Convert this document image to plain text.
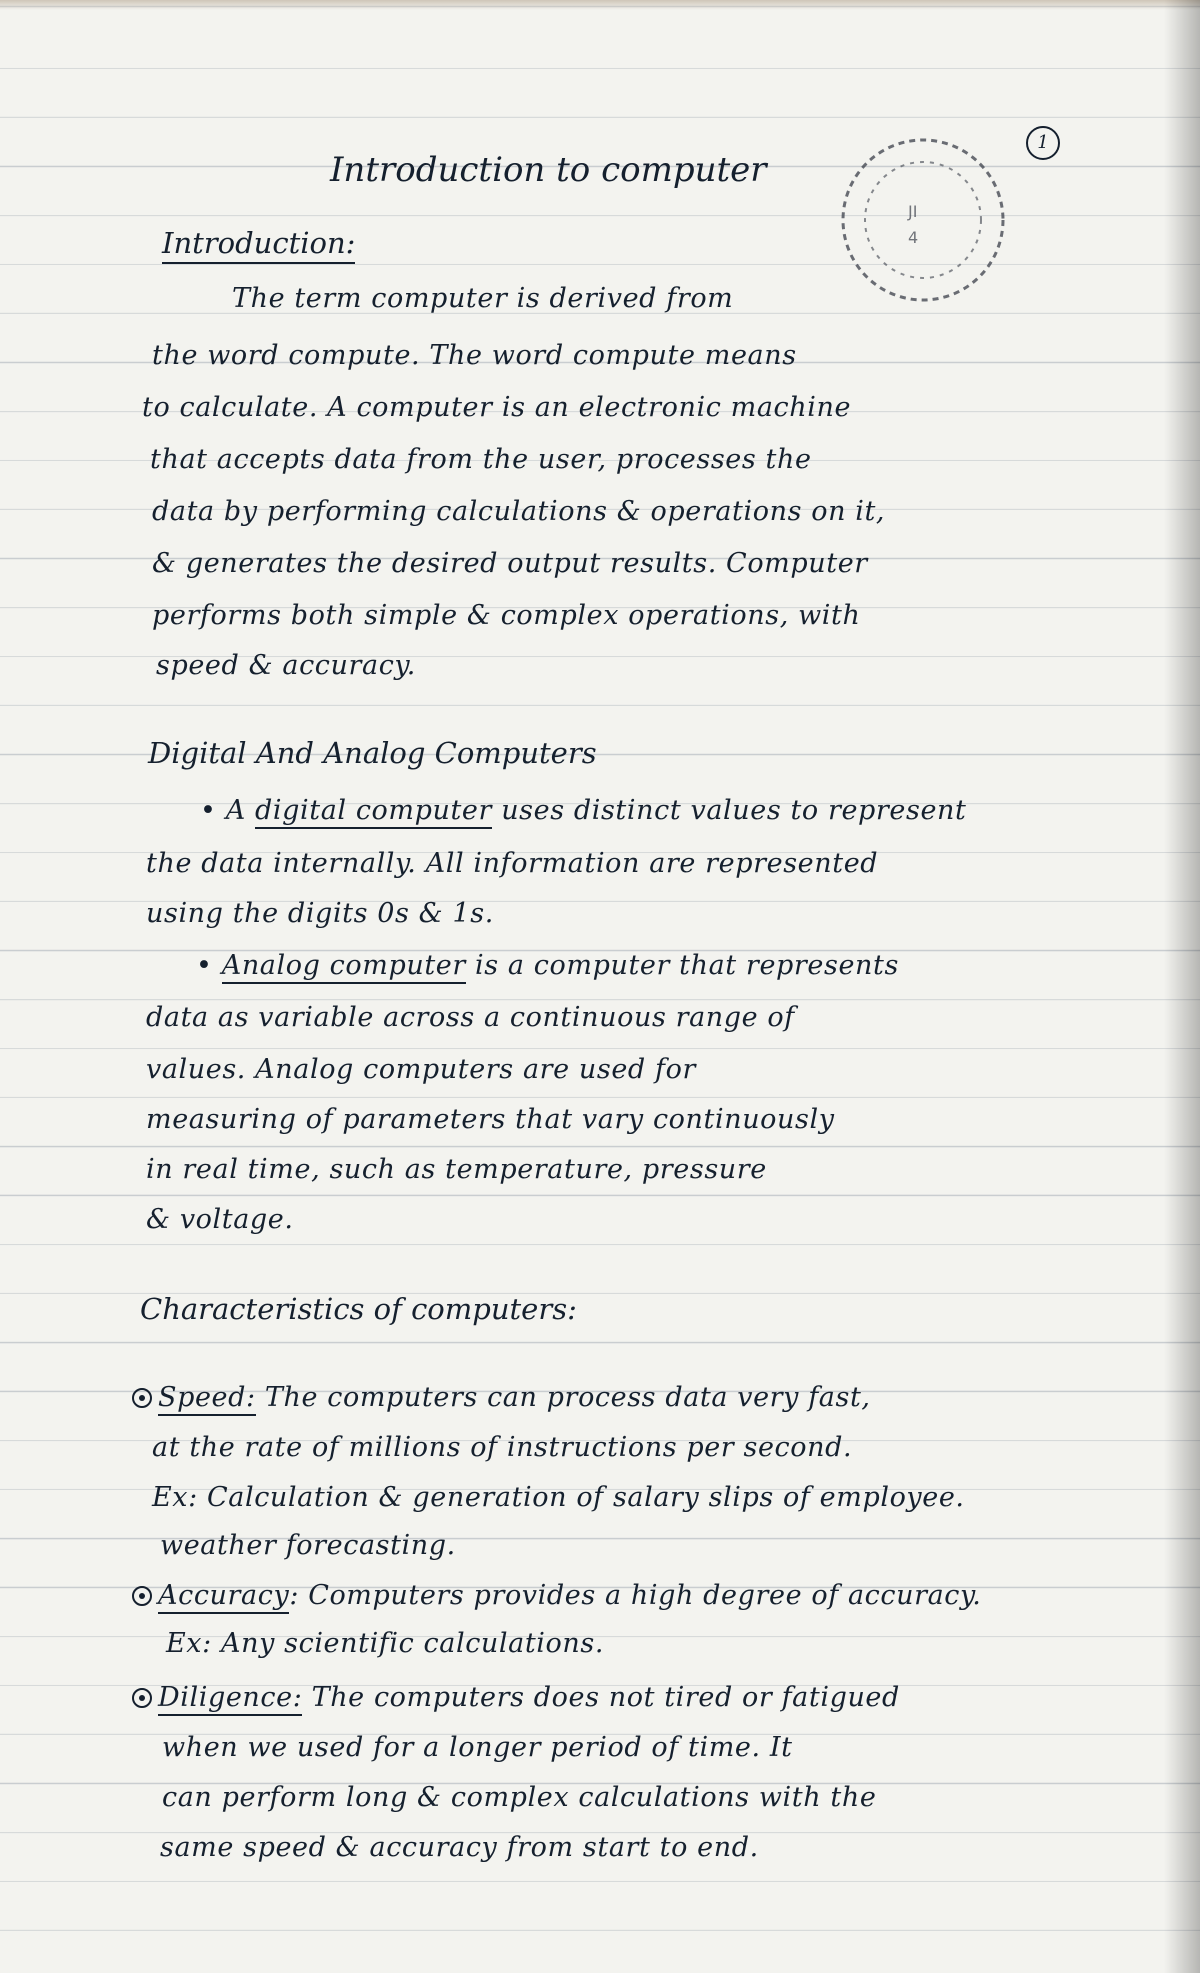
1
JI
4
Introduction to computer
Introduction:
The term computer is derived from
the word compute. The word compute means
to calculate. A computer is an electronic machine
that accepts data from the user, processes the
data by performing calculations & operations on it,
& generates the desired output results. Computer
performs both simple & complex operations, with
speed & accuracy.
Digital And Analog Computers
• A digital computer uses distinct values to represent
the data internally. All information are represented
using the digits 0s & 1s.
• Analog computer is a computer that represents
data as variable across a continuous range of
values. Analog computers are used for
measuring of parameters that vary continuously
in real time, such as temperature, pressure
& voltage.
Characteristics of computers:
Speed: The computers can process data very fast,
at the rate of millions of instructions per second.
Ex: Calculation & generation of salary slips of employee.
weather forecasting.
Accuracy: Computers provides a high degree of accuracy.
Ex: Any scientific calculations.
Diligence: The computers does not tired or fatigued
when we used for a longer period of time. It
can perform long & complex calculations with the
same speed & accuracy from start to end.
